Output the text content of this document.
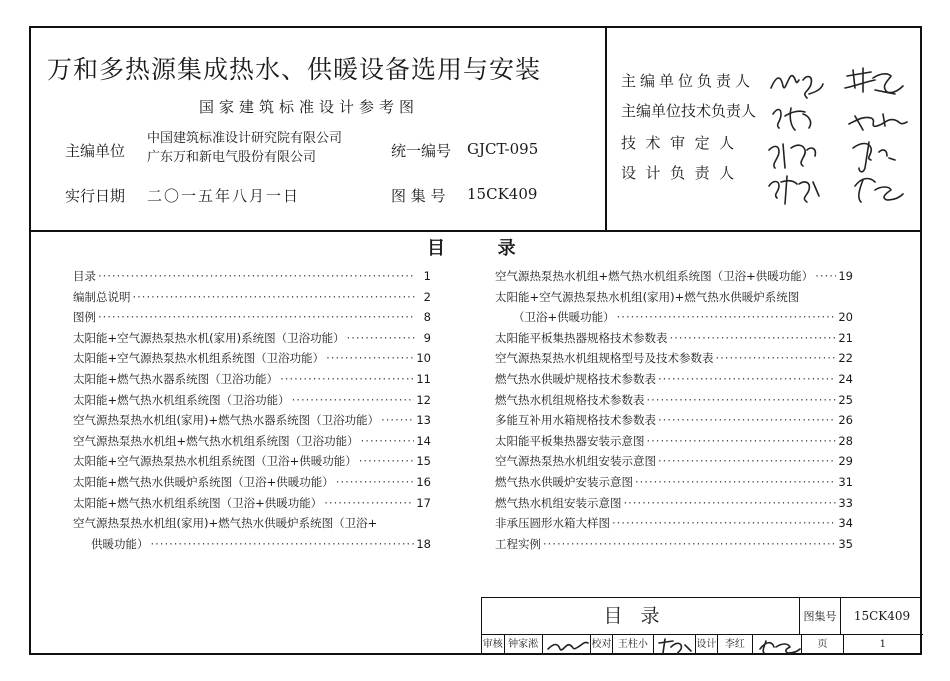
万和多热源集成热水、供暖设备选用与安装
国家建筑标准设计参考图
主编单位
中国建筑标准设计研究院有限公司
广东万和新电气股份有限公司	统一编号 GJCT-095
实行日期 二〇一五年八月一日	图 集 号 15CK409
主编单位负责人
主编单位技术负责人
技  术  审  定  人
设  计  负  责  人
目	录
目录 ·····	1
编制总说明 ·····	2
图例 ·····	8
太阳能+空气源热泵热水机(家用)系统图（卫浴功能） ·····	9
太阳能+空气源热泵热水机组系统图（卫浴功能） ·····	10
太阳能+燃气热水器系统图（卫浴功能） ·····	11
太阳能+燃气热水机组系统图（卫浴功能） ·····	12
空气源热泵热水机组(家用)+燃气热水器系统图（卫浴功能） ·····	13
空气源热泵热水机组+燃气热水机组系统图（卫浴功能） ·····	14
太阳能+空气源热泵热水机组系统图（卫浴+供暖功能） ·····	15
太阳能+燃气热水供暖炉系统图（卫浴+供暖功能） ·····	16
太阳能+燃气热水机组系统图（卫浴+供暖功能） ·····	17
空气源热泵热水机组(家用)+燃气热水供暖炉系统图（卫浴+
供暖功能） ·····	18
空气源热泵热水机组+燃气热水机组系统图（卫浴+供暖功能） ····· 19
太阳能+空气源热泵热水机组(家用)+燃气热水供暖炉系统图
（卫浴+供暖功能） ·····	20
太阳能平板集热器规格技术参数表 ·····	21
空气源热泵热水机组规格型号及技术参数表 ·····	22
燃气热水供暖炉规格技术参数表 ·····	24
燃气热水机组规格技术参数表 ·····	25
多能互补用水箱规格技术参数表 ·····	26
太阳能平板集热器安装示意图 ·····	28
空气源热泵热水机组安装示意图 ·····	29
燃气热水供暖炉安装示意图 ·····	31
燃气热水机组安装示意图 ·····	33
非承压圆形水箱大样图 ·····	34
工程实例 ·····	35
目录	图集号	15CK409
审核 钟家淞	校对 王柱小	设计 李红	页	1
